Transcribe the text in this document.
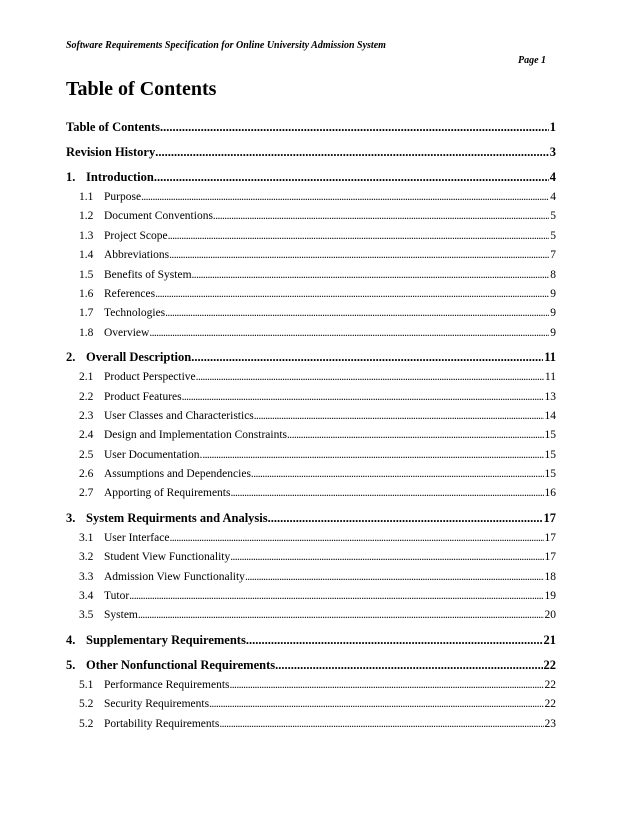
Software Requirements Specification for Online University Admission System
Page 1
Table of Contents
Table of Contents .....	1
Revision History .....	3
1. Introduction .....	4
1.1 Purpose .....	4
1.2 Document Conventions .....	5
1.3 Project Scope .....	5
1.4 Abbreviations .....	7
1.5 Benefits of System .....	8
1.6 References .....	9
1.7 Technologies .....	9
1.8 Overview .....	9
2. Overall Description .....	11
2.1 Product Perspective .....	11
2.2 Product Features .....	13
2.3 User Classes and Characteristics .....	14
2.4 Design and Implementation Constraints .....	15
2.5 User Documentation. .....	15
2.6 Assumptions and Dependencies .....	15
2.7 Apporting of Requirements .....	16
3. System Requirments and Analysis. .....	17
3.1 User Interface .....	17
3.2 Student View Functionality .....	17
3.3 Admission View Functionality .....	18
3.4 Tutor .....	19
3.5 System .....	20
4. Supplementary Requirements .....	21
5. Other Nonfunctional Requirements .....	22
5.1 Performance Requirements .....	22
5.2 Security Requirements .....	22
5.2 Portability Requirements .....	23
